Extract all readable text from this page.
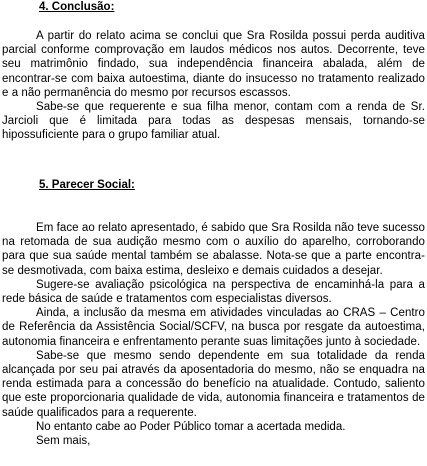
4. Conclusão:

A partir do relato acima se conclui que Sra Rosilda possui perda auditiva parcial conforme comprovação em laudos médicos nos autos. Decorrente, teve seu matrimônio findado, sua independência financeira abalada, além de encontrar-se com baixa autoestima, diante do insucesso no tratamento realizado e a não permanência do mesmo por recursos escassos.

Sabe-se que requerente e sua filha menor, contam com a renda de Sr. Jarcioli que é limitada para todas as despesas mensais, tornando-se hipossuficiente para o grupo familiar atual.

5. Parecer Social:

Em face ao relato apresentado, é sabido que Sra Rosilda não teve sucesso na retomada de sua audição mesmo com o auxílio do aparelho, corroborando para que sua saúde mental também se abalasse. Nota-se que a parte encontra-se desmotivada, com baixa estima, desleixo e demais cuidados a desejar.

Sugere-se avaliação psicológica na perspectiva de encaminhá-la para a rede básica de saúde e tratamentos com especialistas diversos.

Ainda, a inclusão da mesma em atividades vinculadas ao CRAS – Centro de Referência da Assistência Social/SCFV, na busca por resgate da autoestima, autonomia financeira e enfrentamento perante suas limitações junto à sociedade.

Sabe-se que mesmo sendo dependente em sua totalidade da renda alcançada por seu pai através da aposentadoria do mesmo, não se enquadra na renda estimada para a concessão do benefício na atualidade. Contudo, saliento que este proporcionaria qualidade de vida, autonomia financeira e tratamentos de saúde qualificados para a requerente.

No entanto cabe ao Poder Público tomar a acertada medida.

Sem mais,
